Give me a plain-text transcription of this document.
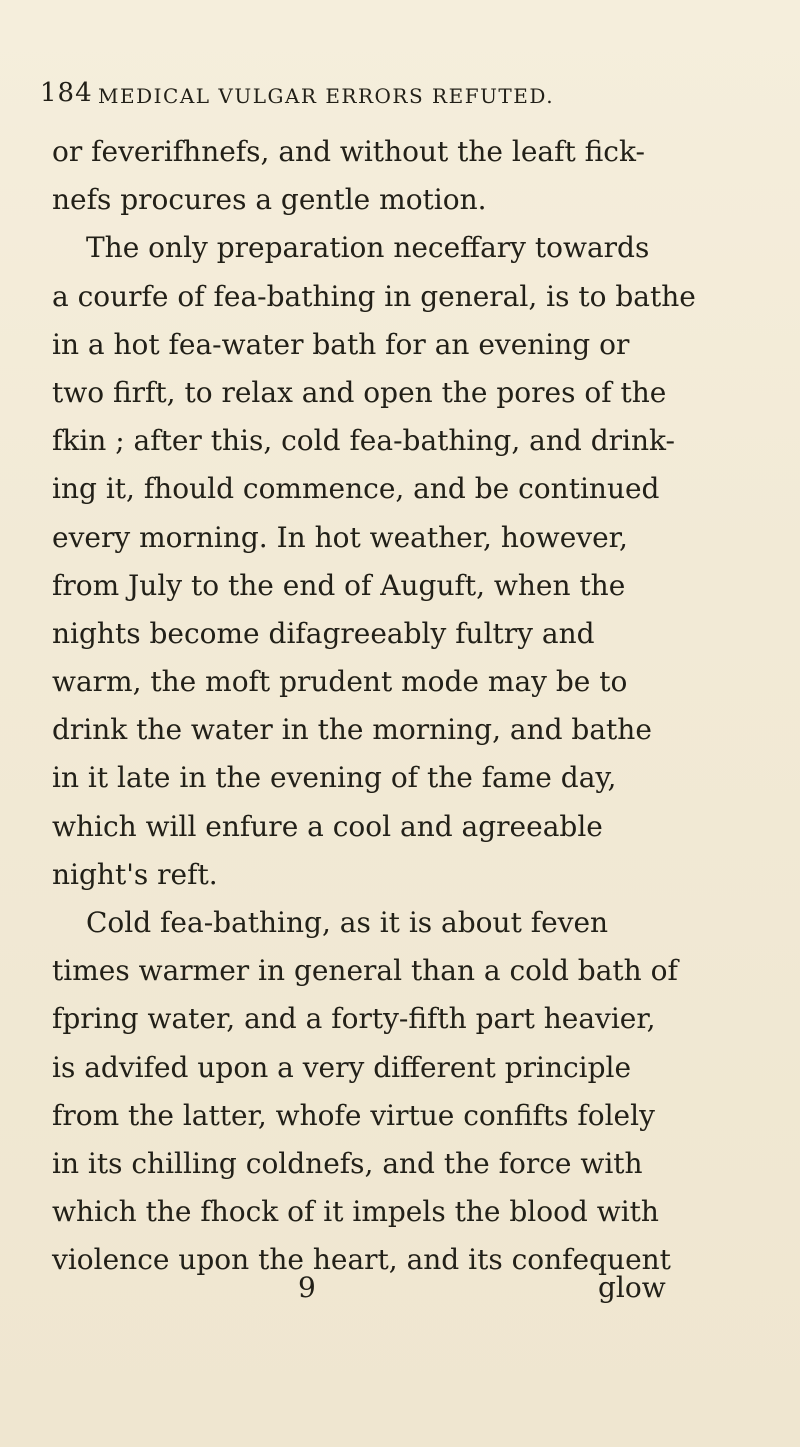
184 MEDICAL VULGAR ERRORS REFUTED.
or feverifhnefs, and without the leaft fick-
nefs procures a gentle motion.
The only preparation neceffary towards
a courfe of fea-bathing in general, is to bathe
in a hot fea-water bath for an evening or
two firft, to relax and open the pores of the
fkin ; after this, cold fea-bathing, and drink-
ing it, fhould commence, and be continued
every morning. In hot weather, however,
from July to the end of Auguft, when the
nights become difagreeably fultry and
warm, the moft prudent mode may be to
drink the water in the morning, and bathe
in it late in the evening of the fame day,
which will enfure a cool and agreeable
night's reft.
Cold fea-bathing, as it is about feven
times warmer in general than a cold bath of
fpring water, and a forty-fifth part heavier,
is advifed upon a very different principle
from the latter, whofe virtue confifts folely
in its chilling coldnefs, and the force with
which the fhock of it impels the blood with
violence upon the heart, and its confequent
9	glow
